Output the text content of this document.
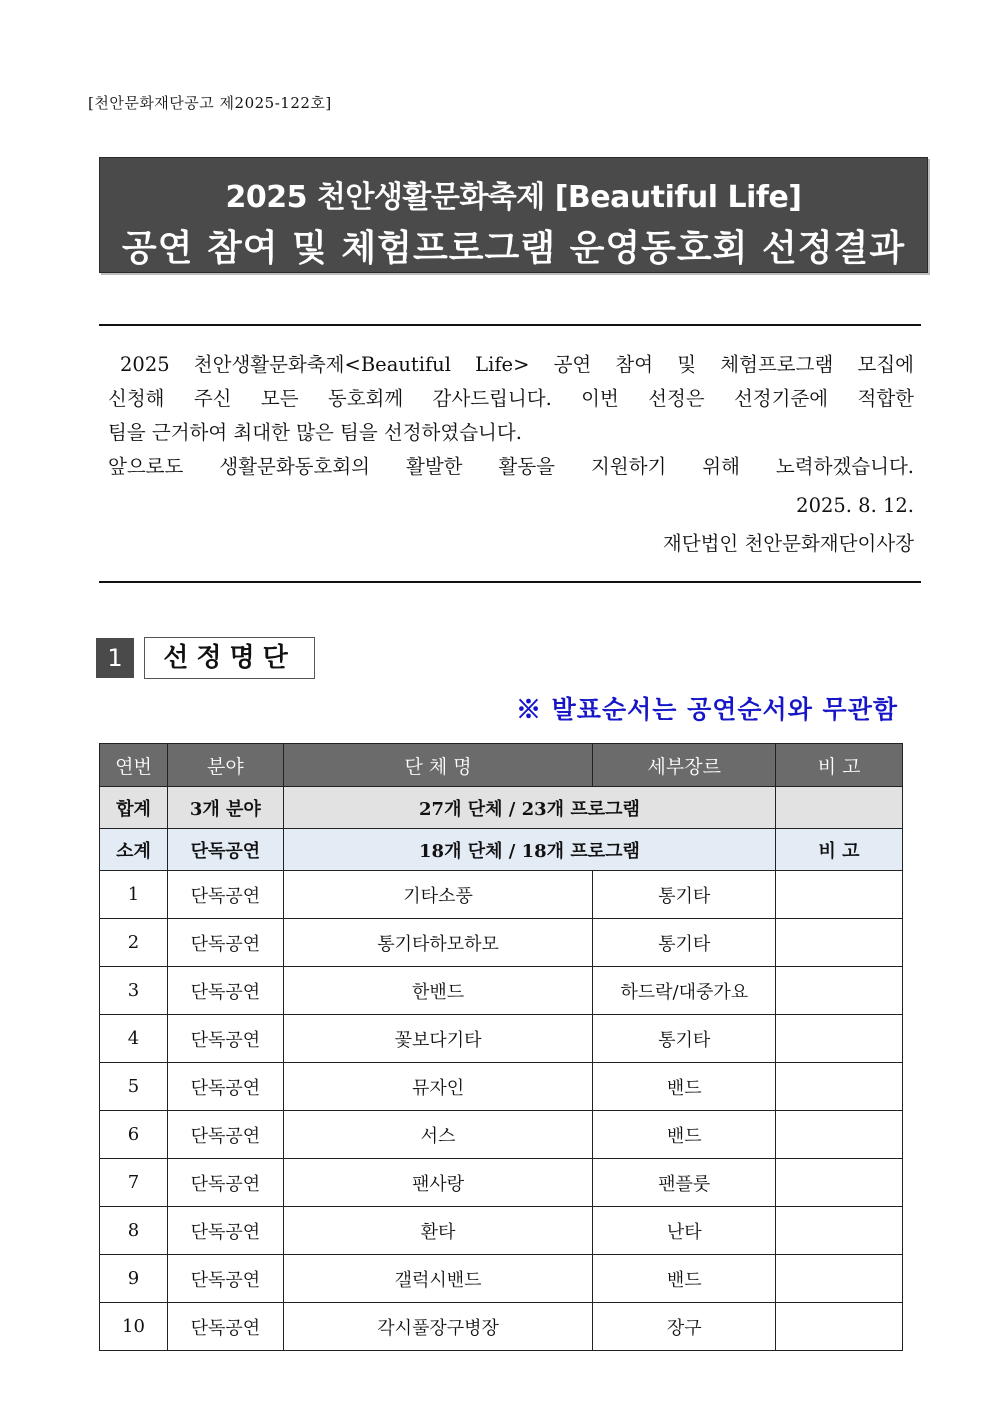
[천안문화재단공고 제2025-122호]
2025 천안생활문화축제 [Beautiful Life]
공연 참여 및 체험프로그램 운영동호회 선정결과

2025 천안생활문화축제<Beautiful Life> 공연 참여 및 체험프로그램 모집에

신청해 주신 모든 동호회께 감사드립니다. 이번 선정은 선정기준에 적합한

팀을 근거하여 최대한 많은 팀을 선정하였습니다.

앞으로도 생활문화동호회의 활발한 활동을 지원하기 위해 노력하겠습니다.

2025. 8. 12.
재단법인 천안문화재단이사장
1	선정명단
※ 발표순서는 공연순서와 무관함
연번	분야	단 체 명	세부장르	비 고
합계	3개 분야	27개 단체 / 23개 프로그램		
소계	단독공연	18개 단체 / 18개 프로그램		비 고
1	단독공연	기타소풍	통기타	
2	단독공연	통기타하모하모	통기타	
3	단독공연	한밴드	하드락/대중가요	
4	단독공연	꽃보다기타	통기타	
5	단독공연	뮤자인	밴드	
6	단독공연	서스	밴드	
7	단독공연	팬사랑	팬플룻	
8	단독공연	환타	난타	
9	단독공연	갤럭시밴드	밴드	
10	단독공연	각시풀장구병장	장구	
